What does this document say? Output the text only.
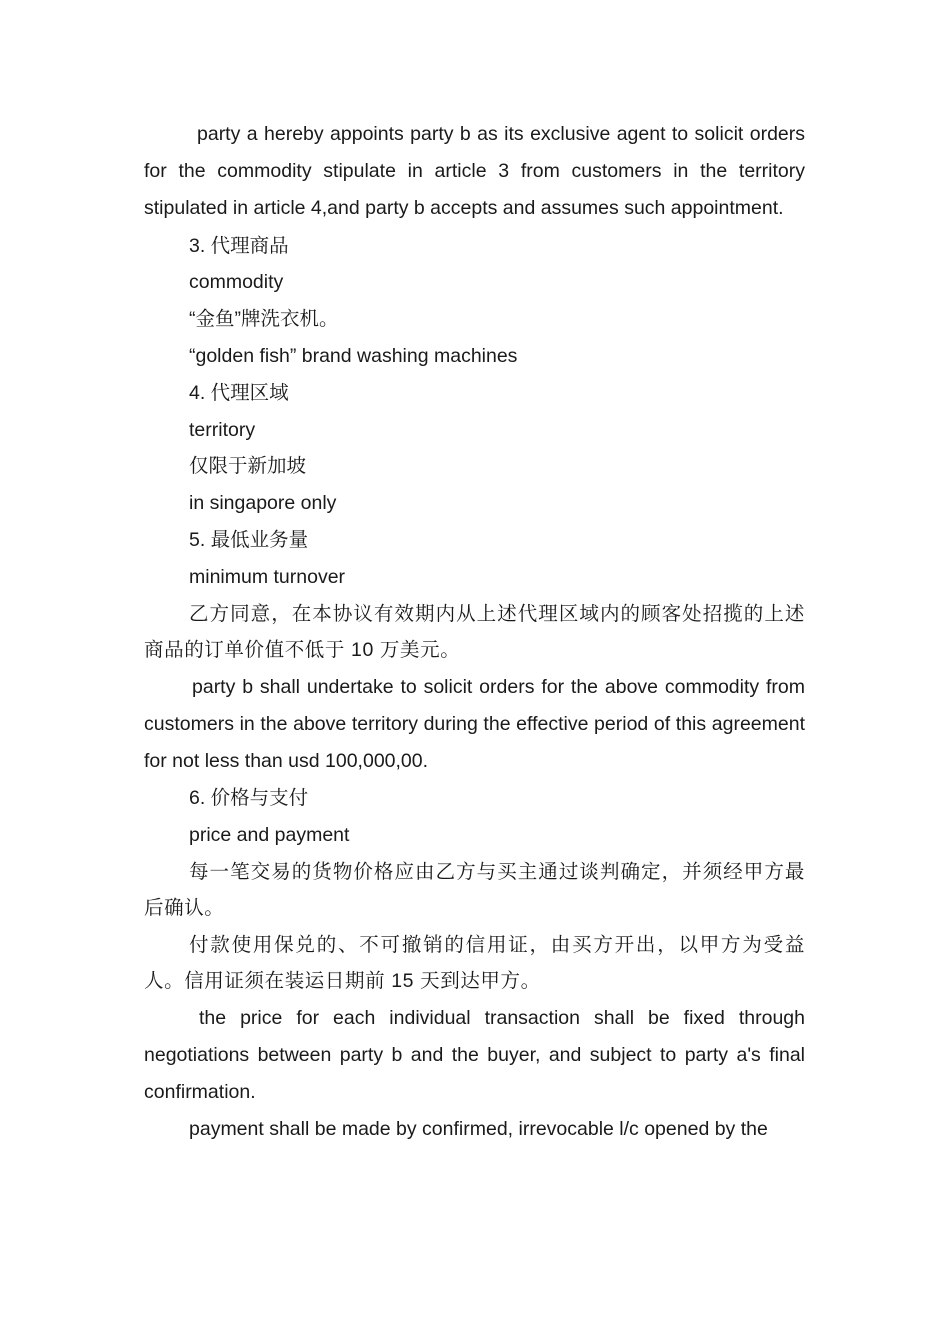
party a hereby appoints party b as its exclusive agent to solicit orders for the commodity stipulate in article 3 from customers in the territory stipulated in article 4,and party b accepts and assumes such appointment.

3. 代理商品

commodity

“金鱼”牌洗衣机。

“golden fish” brand washing machines

4. 代理区域

territory

仅限于新加坡

in singapore only

5. 最低业务量

minimum turnover

乙方同意，在本协议有效期内从上述代理区域内的顾客处招揽的上述商品的订单价值不低于 10 万美元。

party b shall undertake to solicit orders for the above commodity from customers in the above territory during the effective period of this agreement for not less than usd 100,000,00.

6. 价格与支付

price and payment

每一笔交易的货物价格应由乙方与买主通过谈判确定，并须经甲方最后确认。

付款使用保兑的、不可撤销的信用证，由买方开出，以甲方为受益人。信用证须在装运日期前 15 天到达甲方。

the price for each individual transaction shall be fixed through negotiations between party b and the buyer, and subject to party a's final confirmation.

payment shall be made by confirmed, irrevocable l/c opened by the
